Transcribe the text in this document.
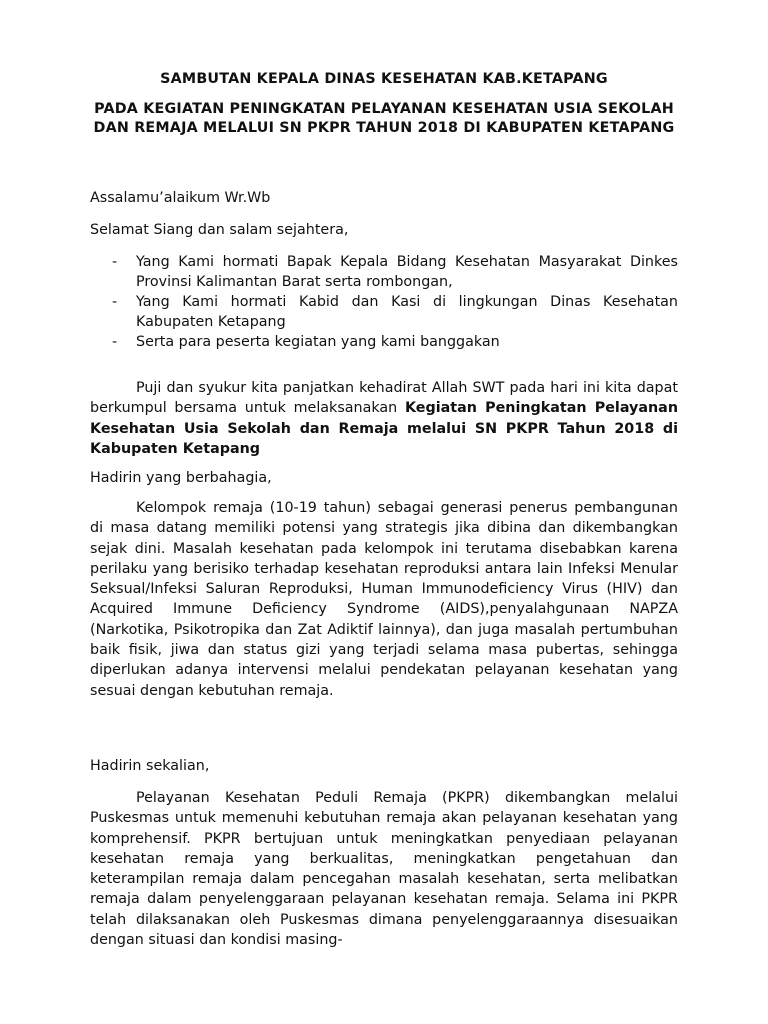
SAMBUTAN KEPALA DINAS KESEHATAN KAB.KETAPANG
PADA KEGIATAN PENINGKATAN PELAYANAN KESEHATAN USIA SEKOLAH DAN REMAJA MELALUI SN PKPR TAHUN 2018 DI KABUPATEN KETAPANG
Assalamu’alaikum Wr.Wb
Selamat Siang dan salam sejahtera,
- Yang Kami hormati Bapak Kepala Bidang Kesehatan Masyarakat Dinkes Provinsi Kalimantan Barat serta rombongan,
- Yang Kami hormati Kabid dan Kasi di lingkungan Dinas Kesehatan Kabupaten Ketapang
- Serta para peserta kegiatan yang kami banggakan
Puji dan syukur kita panjatkan kehadirat Allah SWT pada hari ini kita dapat berkumpul bersama untuk melaksanakan Kegiatan Peningkatan Pelayanan Kesehatan Usia Sekolah dan Remaja melalui SN PKPR Tahun 2018 di Kabupaten Ketapang
Hadirin yang berbahagia,
Kelompok remaja (10-19 tahun) sebagai generasi penerus pembangunan di masa datang memiliki potensi yang strategis jika dibina dan dikembangkan sejak dini. Masalah kesehatan pada kelompok ini terutama disebabkan karena perilaku yang berisiko terhadap kesehatan reproduksi antara lain Infeksi Menular Seksual/Infeksi Saluran Reproduksi, Human Immunodeficiency Virus (HIV) dan Acquired Immune Deficiency Syndrome (AIDS),penyalahgunaan NAPZA (Narkotika, Psikotropika dan Zat Adiktif lainnya), dan juga masalah pertumbuhan baik fisik, jiwa dan status gizi yang terjadi selama masa pubertas, sehingga diperlukan adanya intervensi melalui pendekatan pelayanan kesehatan yang sesuai dengan kebutuhan remaja.
Hadirin sekalian,
Pelayanan Kesehatan Peduli Remaja (PKPR) dikembangkan melalui Puskesmas untuk memenuhi kebutuhan remaja akan pelayanan kesehatan yang komprehensif. PKPR bertujuan untuk meningkatkan penyediaan pelayanan kesehatan remaja yang berkualitas, meningkatkan pengetahuan dan keterampilan remaja dalam pencegahan masalah kesehatan, serta melibatkan remaja dalam penyelenggaraan pelayanan kesehatan remaja. Selama ini PKPR telah dilaksanakan oleh Puskesmas dimana penyelenggaraannya disesuaikan dengan situasi dan kondisi masing-
